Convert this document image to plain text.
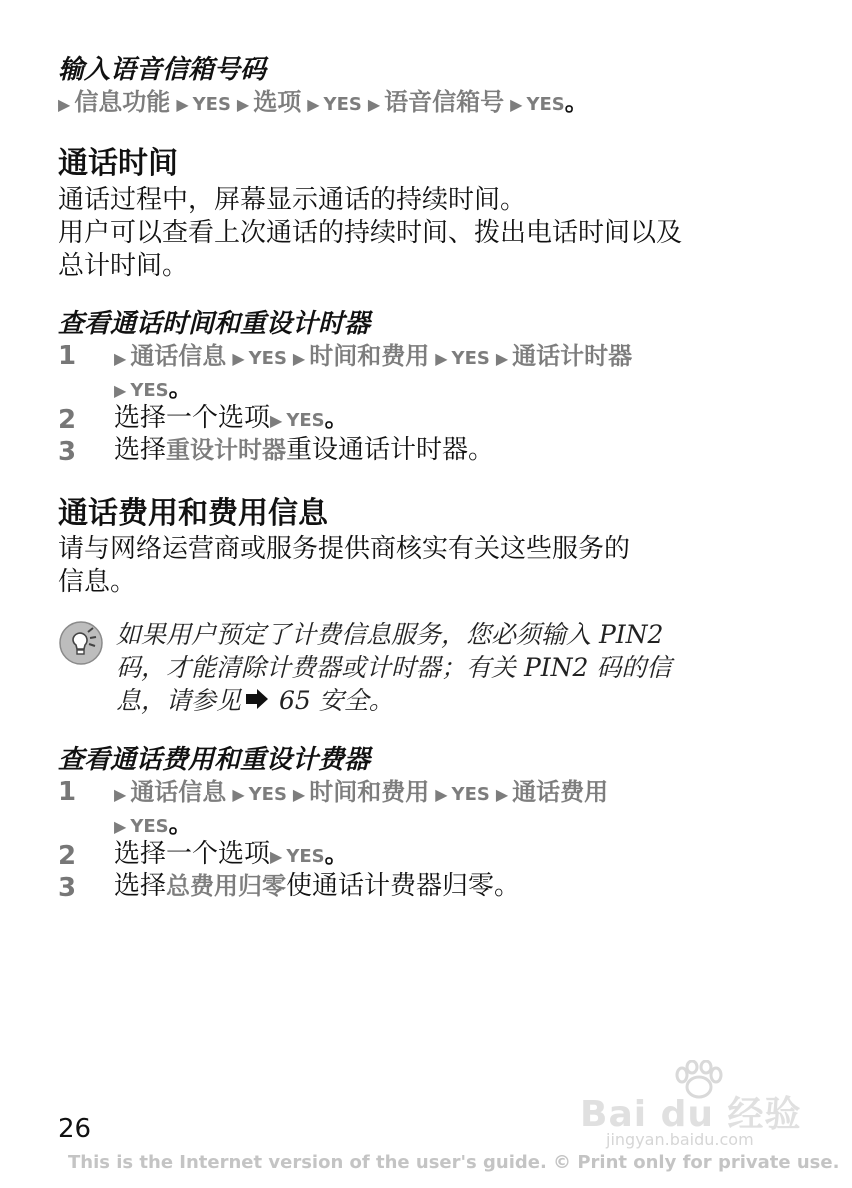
输入语音信箱号码
▶ 信息功能 ▶ YES ▶ 选项 ▶ YES ▶ 语音信箱号 ▶ YES。
通话时间
通话过程中，屏幕显示通话的持续时间。
用户可以查看上次通话的持续时间、拨出电话时间以及
总计时间。
查看通话时间和重设计时器
1	▶ 通话信息 ▶ YES ▶ 时间和费用 ▶ YES ▶ 通话计时器
▶ YES。
2	选择一个选项▶ YES。
3	选择重设计时器重设通话计时器。
通话费用和费用信息
请与网络运营商或服务提供商核实有关这些服务的
信息。
如果用户预定了计费信息服务，您必须输入 PIN2
码，才能清除计费器或计时器；有关 PIN2 码的信
息，请参见 65 安全。
查看通话费用和重设计费器
1	▶ 通话信息 ▶ YES ▶ 时间和费用 ▶ YES ▶ 通话费用
▶ YES。
2	选择一个选项▶ YES。
3	选择总费用归零使通话计费器归零。
Bai du 经验
jingyan.baidu.com
26
This is the Internet version of the user's guide. © Print only for private use.
